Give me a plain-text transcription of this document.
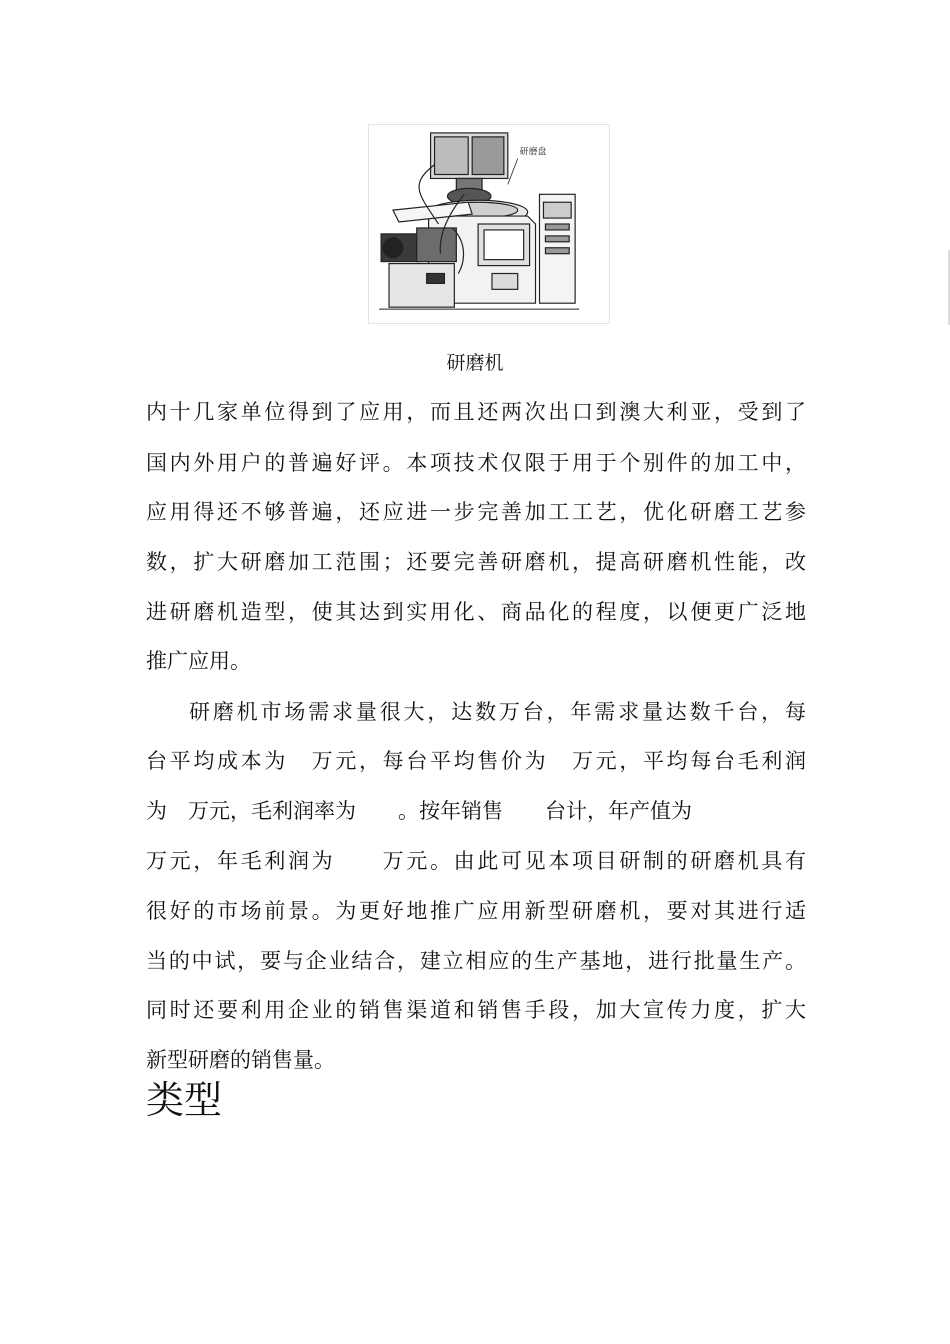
研磨盘
研磨机
内十几家单位得到了应用，而且还两次出口到澳大利亚，受到了
国内外用户的普遍好评。本项技术仅限于用于个别件的加工中，
应用得还不够普遍，还应进一步完善加工工艺，优化研磨工艺参
数，扩大研磨加工范围；还要完善研磨机，提高研磨机性能，改
进研磨机造型，使其达到实用化、商品化的程度，以便更广泛地
推广应用。
研磨机市场需求量很大，达数万台，年需求量达数千台，每
台平均成本为　万元，每台平均售价为　万元，平均每台毛利润
为　万元，毛利润率为　　。按年销售　　台计，年产值为
万元，年毛利润为　　万元。由此可见本项目研制的研磨机具有
很好的市场前景。为更好地推广应用新型研磨机，要对其进行适
当的中试，要与企业结合，建立相应的生产基地，进行批量生产。
同时还要利用企业的销售渠道和销售手段，加大宣传力度，扩大
新型研磨的销售量。
类型
